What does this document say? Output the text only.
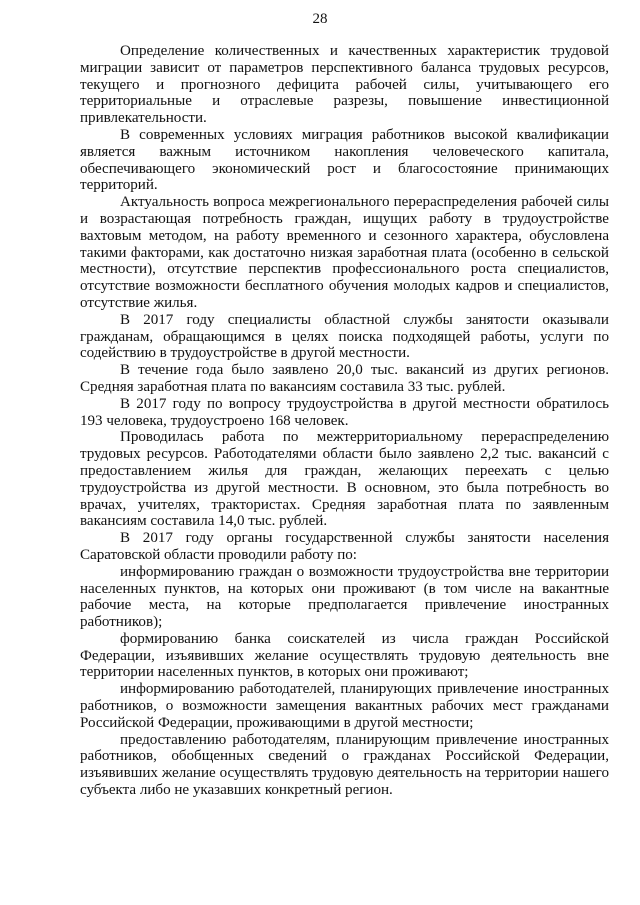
28

Определение количественных и качественных характеристик трудовой миграции зависит от параметров перспективного баланса трудовых ресурсов, текущего и прогнозного дефицита рабочей силы, учитывающего его территориальные и отраслевые разрезы, повышение инвестиционной привлекательности.

В современных условиях миграция работников высокой квалификации является важным источником накопления человеческого капитала, обеспечивающего экономический рост и благосостояние принимающих территорий.

Актуальность вопроса межрегионального перераспределения рабочей силы и возрастающая потребность граждан, ищущих работу в трудоустройстве вахтовым методом, на работу временного и сезонного характера, обусловлена такими факторами, как достаточно низкая заработная плата (особенно в сельской местности), отсутствие перспектив профессионального роста специалистов, отсутствие возможности бесплатного обучения молодых кадров и специалистов, отсутствие жилья.

В 2017 году специалисты областной службы занятости оказывали гражданам, обращающимся в целях поиска подходящей работы, услуги по содействию в трудоустройстве в другой местности.

В течение года было заявлено 20,0 тыс. вакансий из других регионов. Средняя заработная плата по вакансиям составила 33 тыс. рублей.

В 2017 году по вопросу трудоустройства в другой местности обратилось 193 человека, трудоустроено 168 человек.

Проводилась работа по межтерриториальному перераспределению трудовых ресурсов. Работодателями области было заявлено 2,2 тыс. вакансий с предоставлением жилья для граждан, желающих переехать с целью трудоустройства из другой местности. В основном, это была потребность во врачах, учителях, трактористах. Средняя заработная плата по заявленным вакансиям составила 14,0 тыс. рублей.

В 2017 году органы государственной службы занятости населения Саратовской области проводили работу по:

информированию граждан о возможности трудоустройства вне территории населенных пунктов, на которых они проживают (в том числе на вакантные рабочие места, на которые предполагается привлечение иностранных работников);

формированию банка соискателей из числа граждан Российской Федерации, изъявивших желание осуществлять трудовую деятельность вне территории населенных пунктов, в которых они проживают;

информированию работодателей, планирующих привлечение иностранных работников, о возможности замещения вакантных рабочих мест гражданами Российской Федерации, проживающими в другой местности;

предоставлению работодателям, планирующим привлечение иностранных работников, обобщенных сведений о гражданах Российской Федерации, изъявивших желание осуществлять трудовую деятельность на территории нашего субъекта либо не указавших конкретный регион.
